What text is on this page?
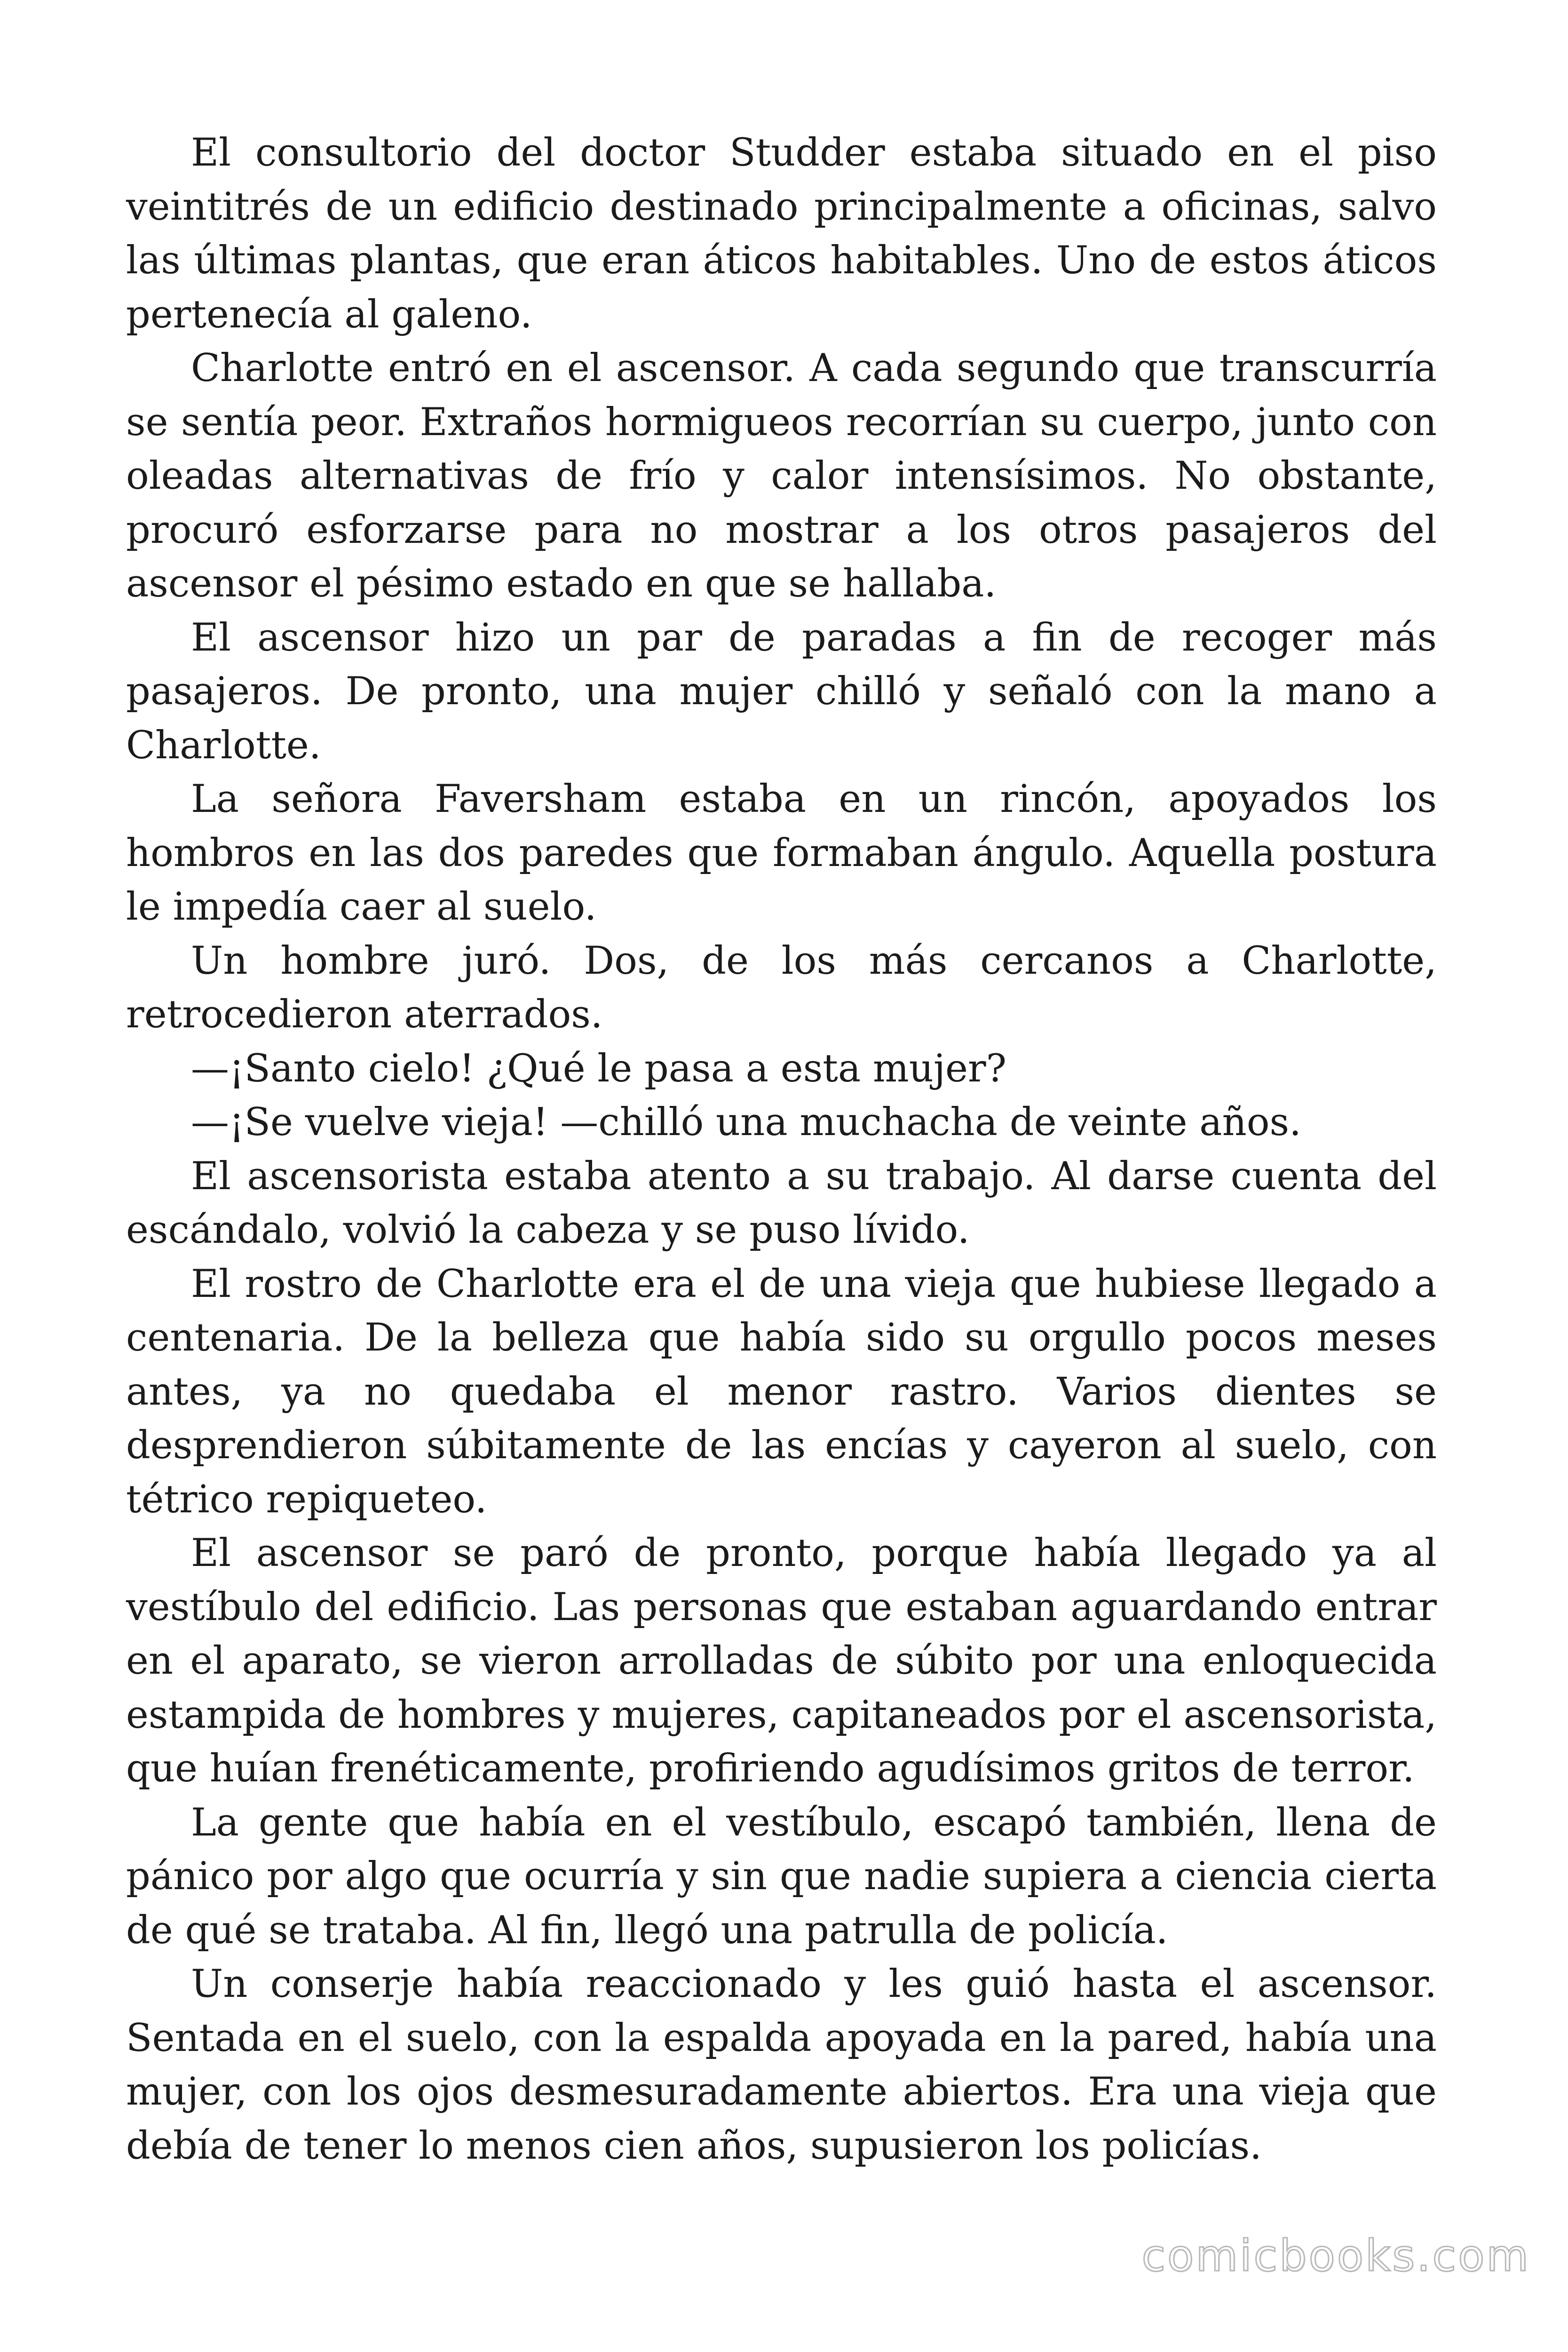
El consultorio del doctor Studder estaba situado en el piso veintitrés de un edificio destinado principalmente a oficinas, salvo las últimas plantas, que eran áticos habitables. Uno de estos áticos pertenecía al galeno.

Charlotte entró en el ascensor. A cada segundo que transcurría se sentía peor. Extraños hormigueos recorrían su cuerpo, junto con oleadas alternativas de frío y calor intensísimos. No obstante, procuró esforzarse para no mostrar a los otros pasajeros del ascensor el pésimo estado en que se hallaba.

El ascensor hizo un par de paradas a fin de recoger más pasajeros. De pronto, una mujer chilló y señaló con la mano a Charlotte.

La señora Faversham estaba en un rincón, apoyados los hombros en las dos paredes que formaban ángulo. Aquella postura le impedía caer al suelo.

Un hombre juró. Dos, de los más cercanos a Charlotte, retrocedieron aterrados.

—¡Santo cielo! ¿Qué le pasa a esta mujer?

—¡Se vuelve vieja! —chilló una muchacha de veinte años.

El ascensorista estaba atento a su trabajo. Al darse cuenta del escándalo, volvió la cabeza y se puso lívido.

El rostro de Charlotte era el de una vieja que hubiese llegado a centenaria. De la belleza que había sido su orgullo pocos meses antes, ya no quedaba el menor rastro. Varios dientes se desprendieron súbitamente de las encías y cayeron al suelo, con tétrico repiqueteo.

El ascensor se paró de pronto, porque había llegado ya al vestíbulo del edificio. Las personas que estaban aguardando entrar en el aparato, se vieron arrolladas de súbito por una enloquecida estampida de hombres y mujeres, capitaneados por el ascensorista, que huían frenéticamente, profiriendo agudísimos gritos de terror.

La gente que había en el vestíbulo, escapó también, llena de pánico por algo que ocurría y sin que nadie supiera a ciencia cierta de qué se trataba. Al fin, llegó una patrulla de policía.

Un conserje había reaccionado y les guió hasta el ascensor. Sentada en el suelo, con la espalda apoyada en la pared, había una mujer, con los ojos desmesuradamente abiertos. Era una vieja que debía de tener lo menos cien años, supusieron los policías.

comicbooks.com
